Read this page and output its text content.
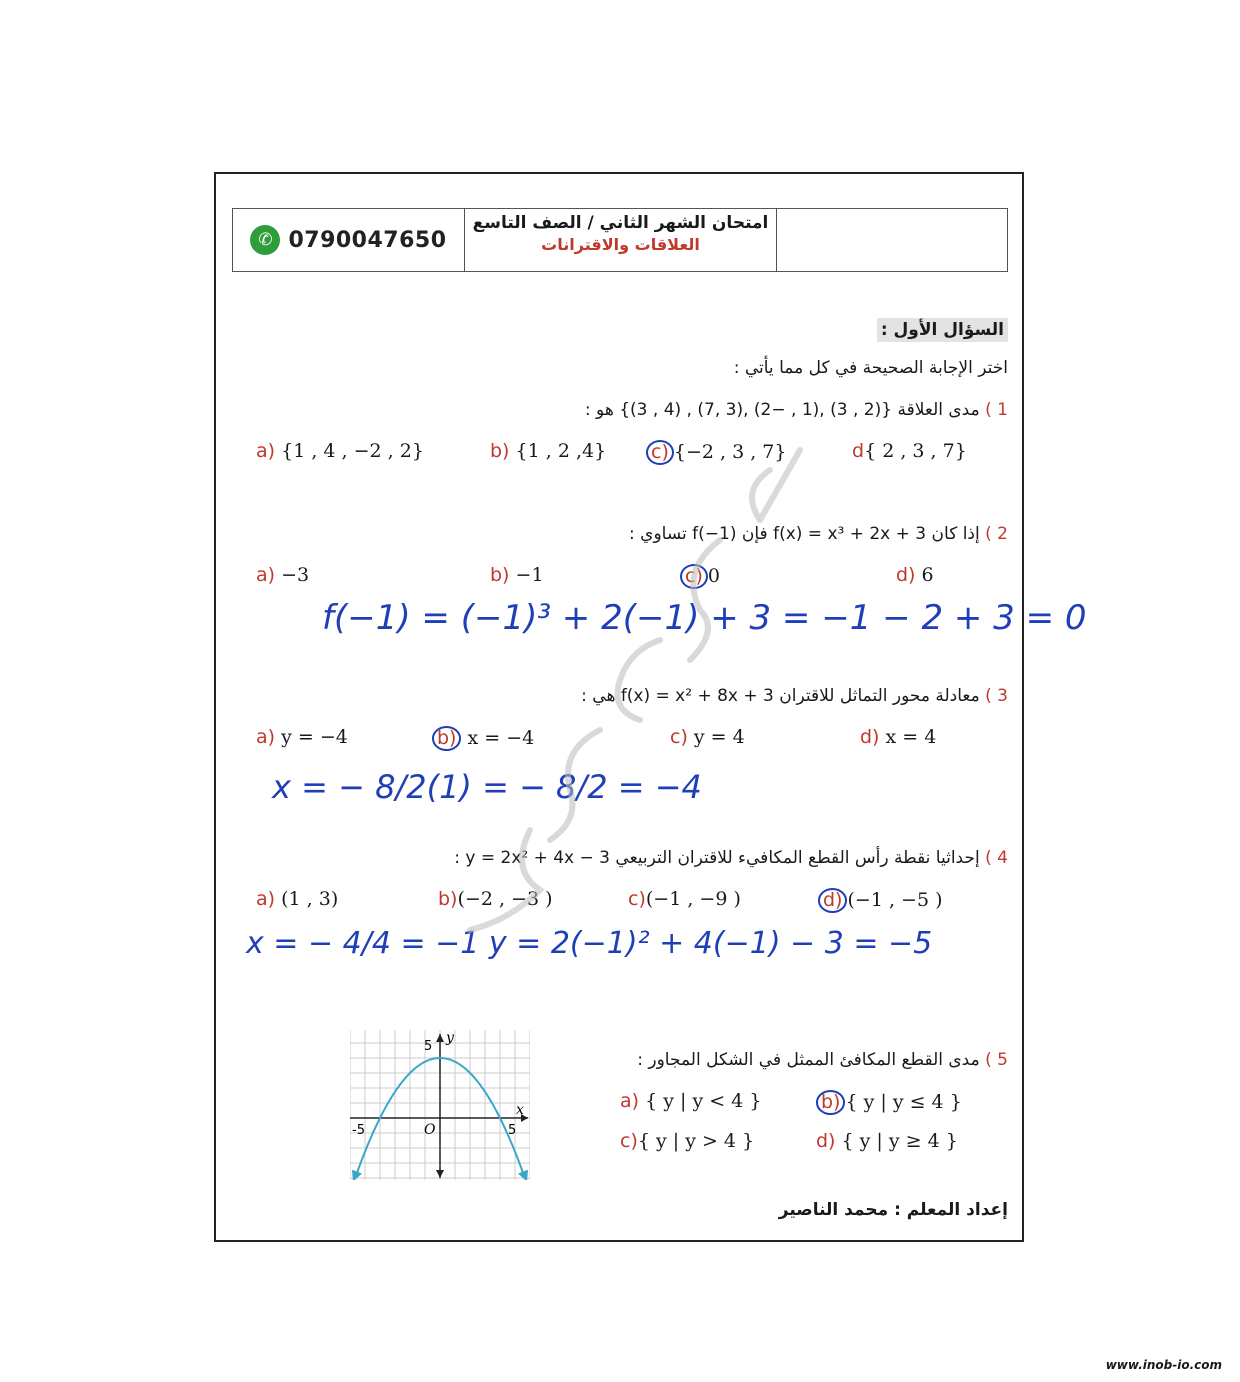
✆ 0790047650
امتحان الشهر الثاني / الصف التاسع
العلاقات والاقترانات
السؤال الأول :
اختر الإجابة الصحيحة في كل مما يأتي :
1 ) مدى العلاقة {(2 , 3) ,(1 , −2) ,(3 ,7) , (4 , 3)} هو :
a) {1 , 4 , −2 , 2}	b) {1 , 2 ,4} c) {−2 , 3 , 7}	d{ 2 , 3 , 7}
2 ) إذا كان f(x) = x³ + 2x + 3 فإن f(−1) تساوي :
a) −3	b) −1	c) 0	d) 6
f(−1) = (−1)³ + 2(−1) + 3 = −1 − 2 + 3 = 0
3 ) معادلة محور التماثل للاقتران f(x) = x² + 8x + 3 هي :
a) y = −4	b) x = −4	c) y = 4	d) x = 4
x = − 8/2(1) = − 8/2 = −4
4 ) إحداثيا نقطة رأس القطع المكافيء للاقتران التربيعي y = 2x² + 4x − 3 :
a) (1 , 3)	b)(−2 , −3 )	c)(−1 , −9 )	d) (−1 , −5 )
x = − 4/4 = −1 y = 2(−1)² + 4(−1) − 3 = −5
5 ) مدى القطع المكافئ الممثل في الشكل المجاور :
a) { y | y < 4 }	b) { y | y ≤ 4 }
c){ y | y > 4 }	d) { y | y ≥ 4 }
y
x
O
5
-5	5
إعداد المعلم : محمد الناصير
www.inob-io.com
